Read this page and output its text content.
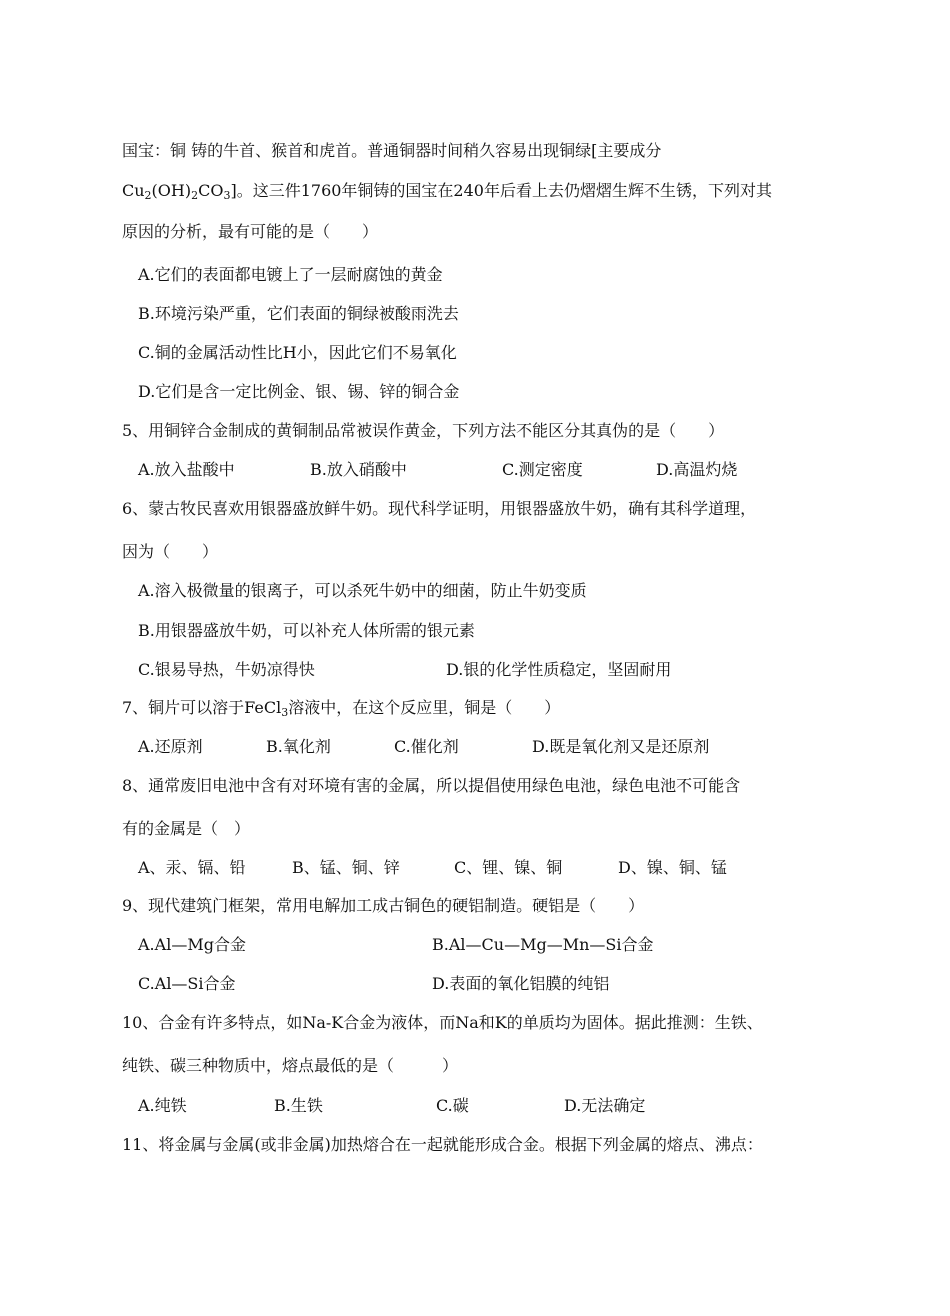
国宝：铜 铸的牛首、猴首和虎首。普通铜器时间稍久容易出现铜绿[主要成分
$Cu_2(OH)_2CO_3$]。这三件1760年铜铸的国宝在240年后看上去仍熠熠生辉不生锈，下列对其
原因的分析，最有可能的是（　　）
A.它们的表面都电镀上了一层耐腐蚀的黄金
B.环境污染严重，它们表面的铜绿被酸雨洗去
C.铜的金属活动性比H小，因此它们不易氧化
D.它们是含一定比例金、银、锡、锌的铜合金
5、用铜锌合金制成的黄铜制品常被误作黄金，下列方法不能区分其真伪的是（　　）
A.放入盐酸中	B.放入硝酸中	C.测定密度	D.高温灼烧
6、蒙古牧民喜欢用银器盛放鲜牛奶。现代科学证明，用银器盛放牛奶，确有其科学道理，
因为（　　）
A.溶入极微量的银离子，可以杀死牛奶中的细菌，防止牛奶变质
B.用银器盛放牛奶，可以补充人体所需的银元素
C.银易导热，牛奶凉得快	D.银的化学性质稳定，坚固耐用
7、铜片可以溶于FeCl$_3$溶液中，在这个反应里，铜是（　　）
A.还原剂	B.氧化剂	C.催化剂	D.既是氧化剂又是还原剂
8、通常废旧电池中含有对环境有害的金属，所以提倡使用绿色电池，绿色电池不可能含
有的金属是（　）
A、汞、镉、铅	B、锰、铜、锌	C、锂、镍、铜	D、镍、铜、锰
9、现代建筑门框架，常用电解加工成古铜色的硬铝制造。硬铝是（　　）
A.Al—Mg合金	B.Al—Cu—Mg—Mn—Si合金
C.Al—Si合金	D.表面的氧化铝膜的纯铝
10、合金有许多特点，如Na-K合金为液体，而Na和K的单质均为固体。据此推测：生铁、
纯铁、碳三种物质中，熔点最低的是（　　　）
A.纯铁	B.生铁	C.碳	D.无法确定
11、将金属与金属(或非金属)加热熔合在一起就能形成合金。根据下列金属的熔点、沸点：
